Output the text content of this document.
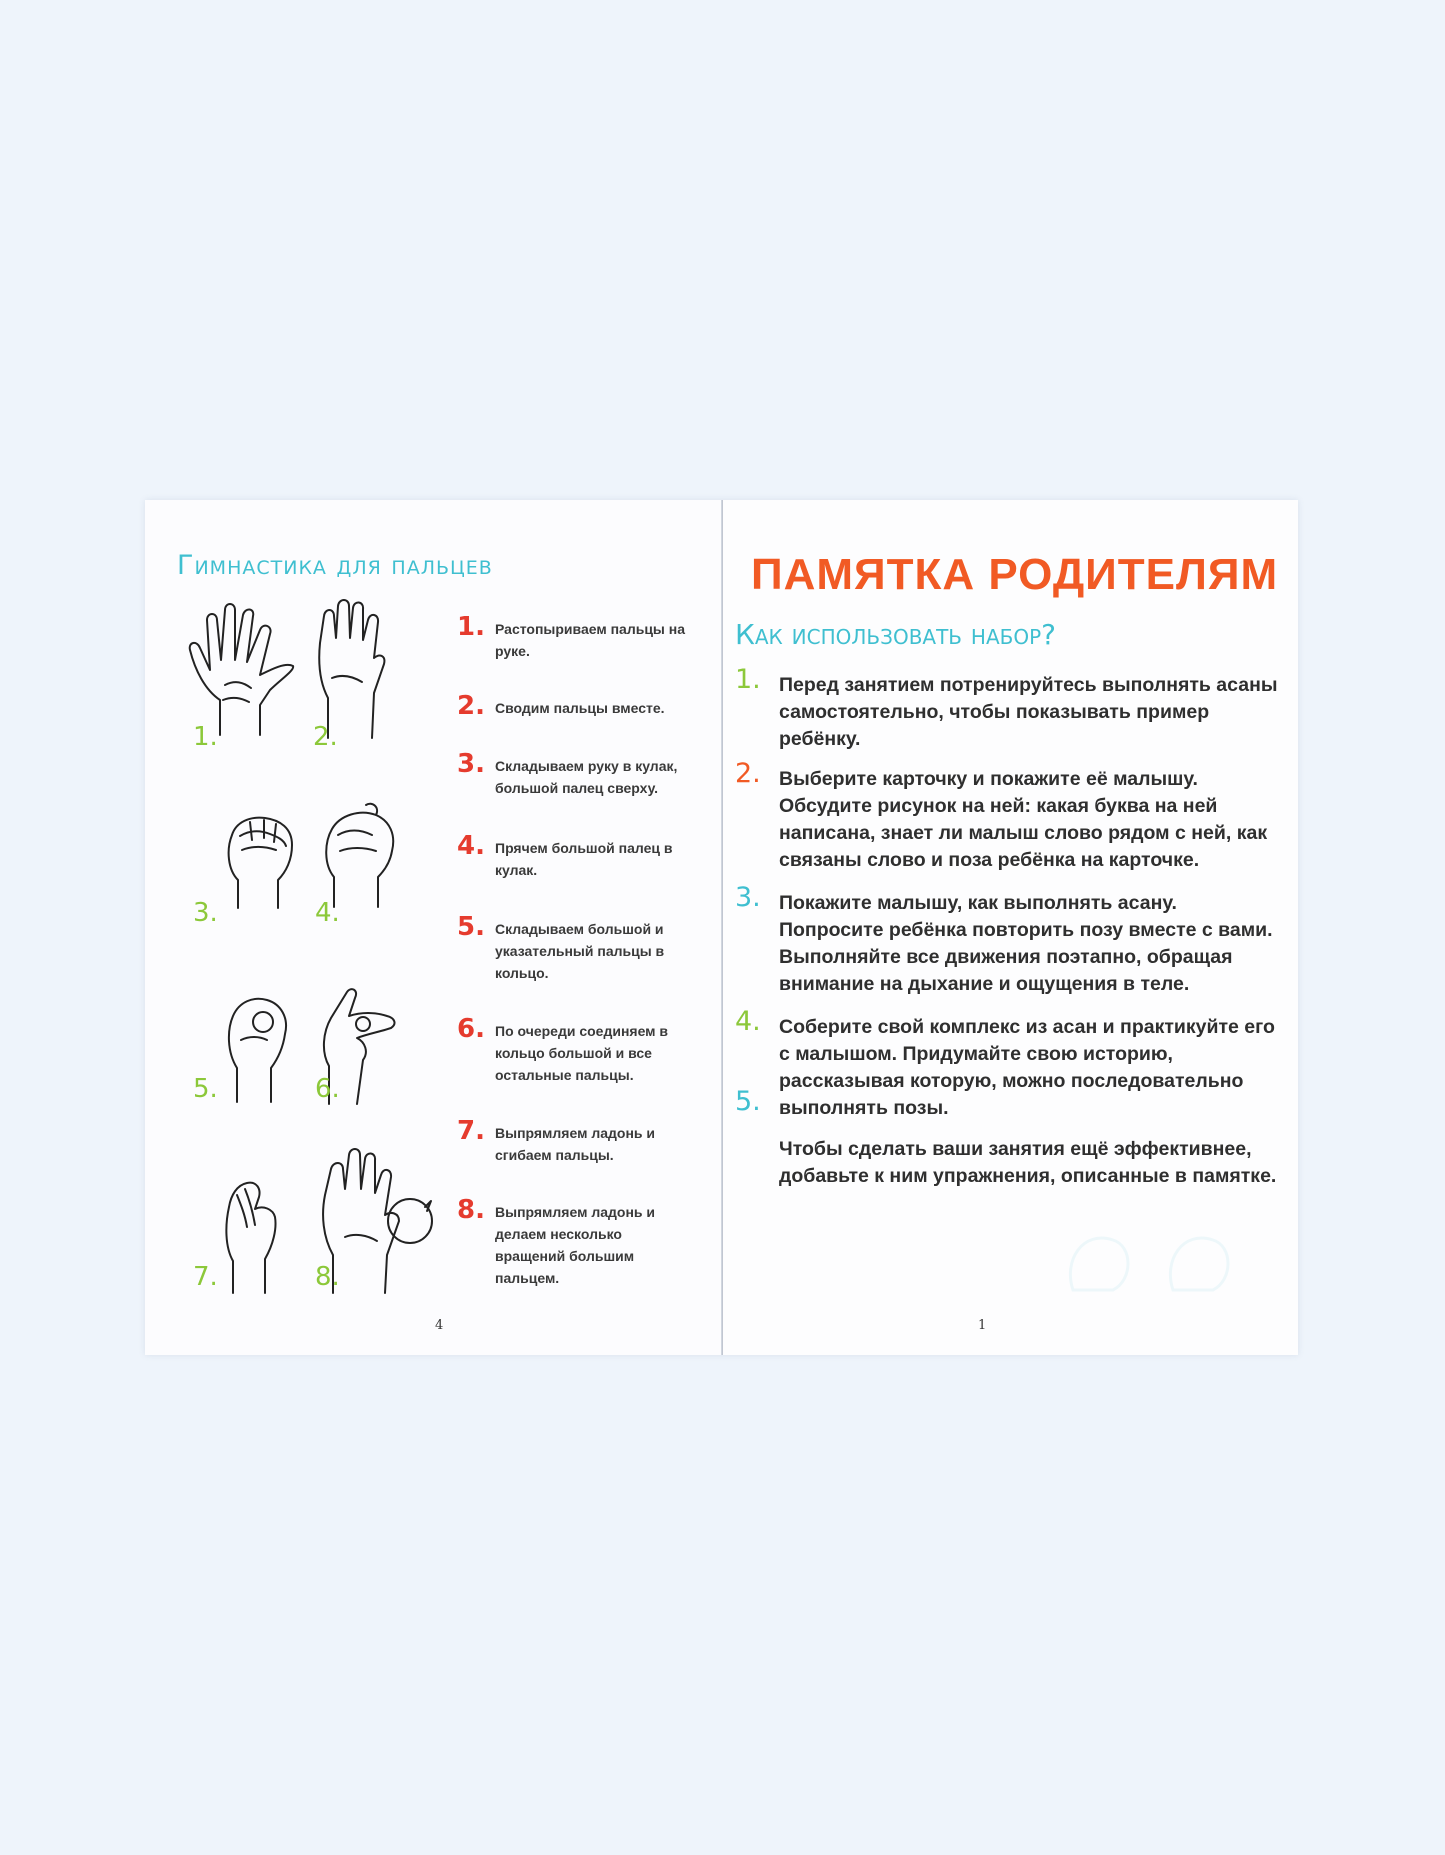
Гимнастика для пальцев
1.	2.
3.	4.
5.	6.
7.	8.
1. Растопыриваем пальцы на руке.
2. Сводим пальцы вместе.
3. Складываем руку в кулак, большой палец сверху.
4. Прячем большой палец в кулак.
5. Складываем большой и указательный пальцы в кольцо.
6. По очереди соединяем в кольцо большой и все остальные пальцы.
7. Выпрямляем ладонь и сгибаем пальцы.
8. Выпрямляем ладонь и делаем несколько вращений большим пальцем.
4
ПАМЯТКА РОДИТЕЛЯМ
Как использовать набор?
1. Перед занятием потренируйтесь выполнять асаны самостоятельно, чтобы показывать пример ребёнку.
2. Выберите карточку и покажите её малышу. Обсудите рисунок на ней: какая буква на ней написана, знает ли малыш слово рядом с ней, как связаны слово и поза ребёнка на карточке.
3. Покажите малышу, как выполнять асану. Попросите ребёнка повторить позу вместе с вами. Выполняйте все движения поэтапно, обращая внимание на дыхание и ощущения в теле.
4. Соберите свой комплекс из асан и практикуйте его с малышом. Придумайте свою историю, рассказывая которую, можно последовательно выполнять позы.
5.
Чтобы сделать ваши занятия ещё эффективнее, добавьте к ним упражнения, описанные в памятке.
1
